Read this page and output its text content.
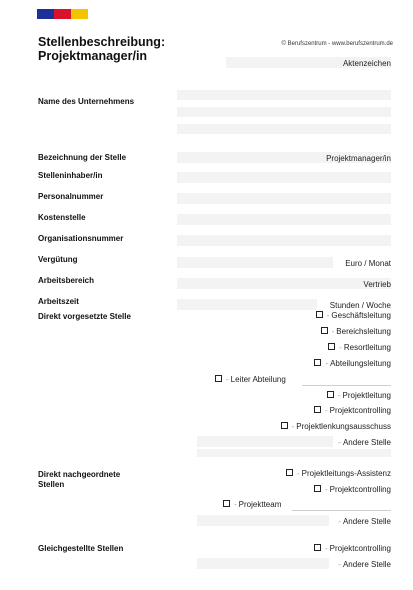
Stellenbeschreibung:
Projektmanager/in
© Berufszentrum - www.berufszentrum.de
Aktenzeichen
Name des Unternehmens
Bezeichnung der Stelle	Projektmanager/in
Stelleninhaber/in
Personalnummer
Kostenstelle
Organisationsnummer
Vergütung	Euro / Monat
Arbeitsbereich	Vertrieb
Arbeitszeit	Stunden / Woche
Direkt vorgesetzte Stelle	- Geschäftsleitung
- Bereichsleitung
- Resortleitung
- Abteilungsleitung
- Leiter Abteilung
- Projektleitung
- Projektcontrolling
- Projektlenkungsausschuss
- Andere Stelle
Direkt nachgeordnete
Stellen
- Projektleitungs-Assistenz
- Projektcontrolling
- Projektteam
- Andere Stelle
Gleichgestellte Stellen	- Projektcontrolling
- Andere Stelle
